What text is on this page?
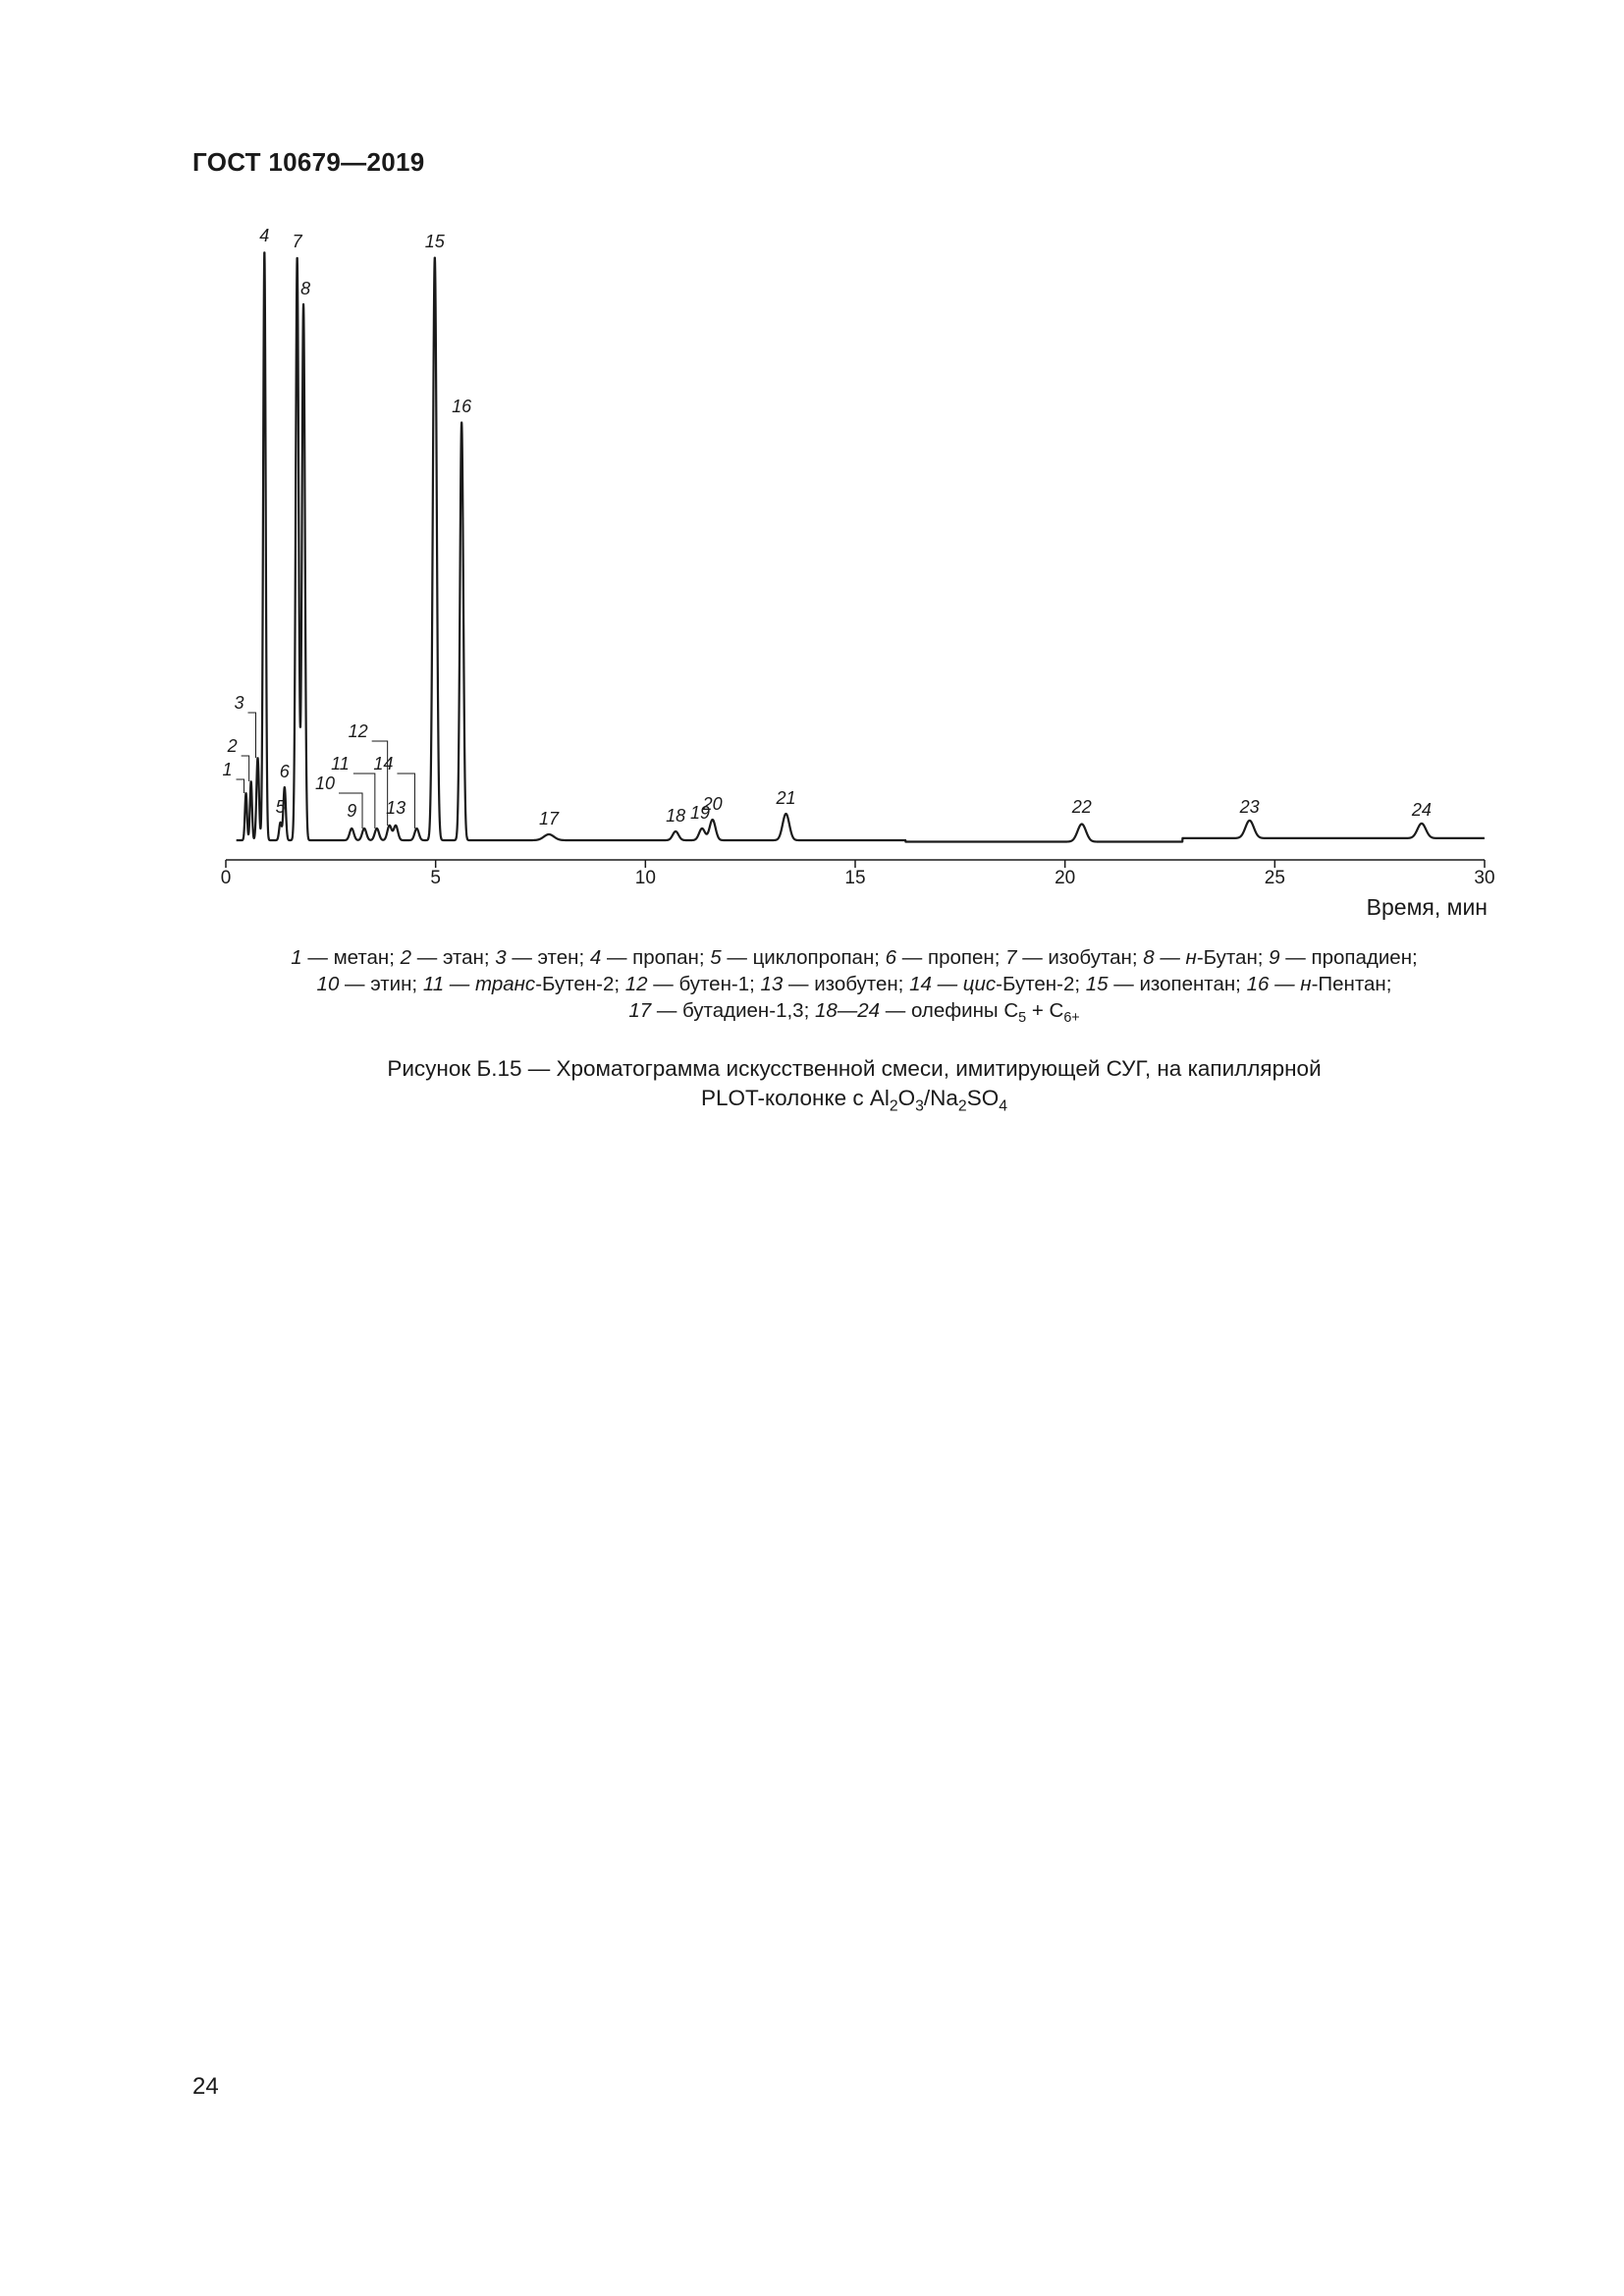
ГОСТ 10679—2019
0	5	10	15	20	25	30
1
2
3
4
5
6
7
8
9
10
11
12
13
14
15
16
17	18 19
20	21	22	23	24
Время, мин
1 — метан; 2 — этан; 3 — этен; 4 — пропан; 5 — циклопропан; 6 — пропен; 7 — изобутан; 8 — н-Бутан; 9 — пропадиен;
10 — этин; 11 — транс-Бутен-2; 12 — бутен-1; 13 — изобутен; 14 — цис-Бутен-2; 15 — изопентан; 16 — н-Пентан;
17 — бутадиен-1,3; 18—24 — олефины $C_5 + C_{6+}$
Рисунок Б.15 — Хроматограмма искусственной смеси, имитирующей СУГ, на капиллярной
PLOT-колонке с $Al_2O_3/Na_2SO_4$
24
